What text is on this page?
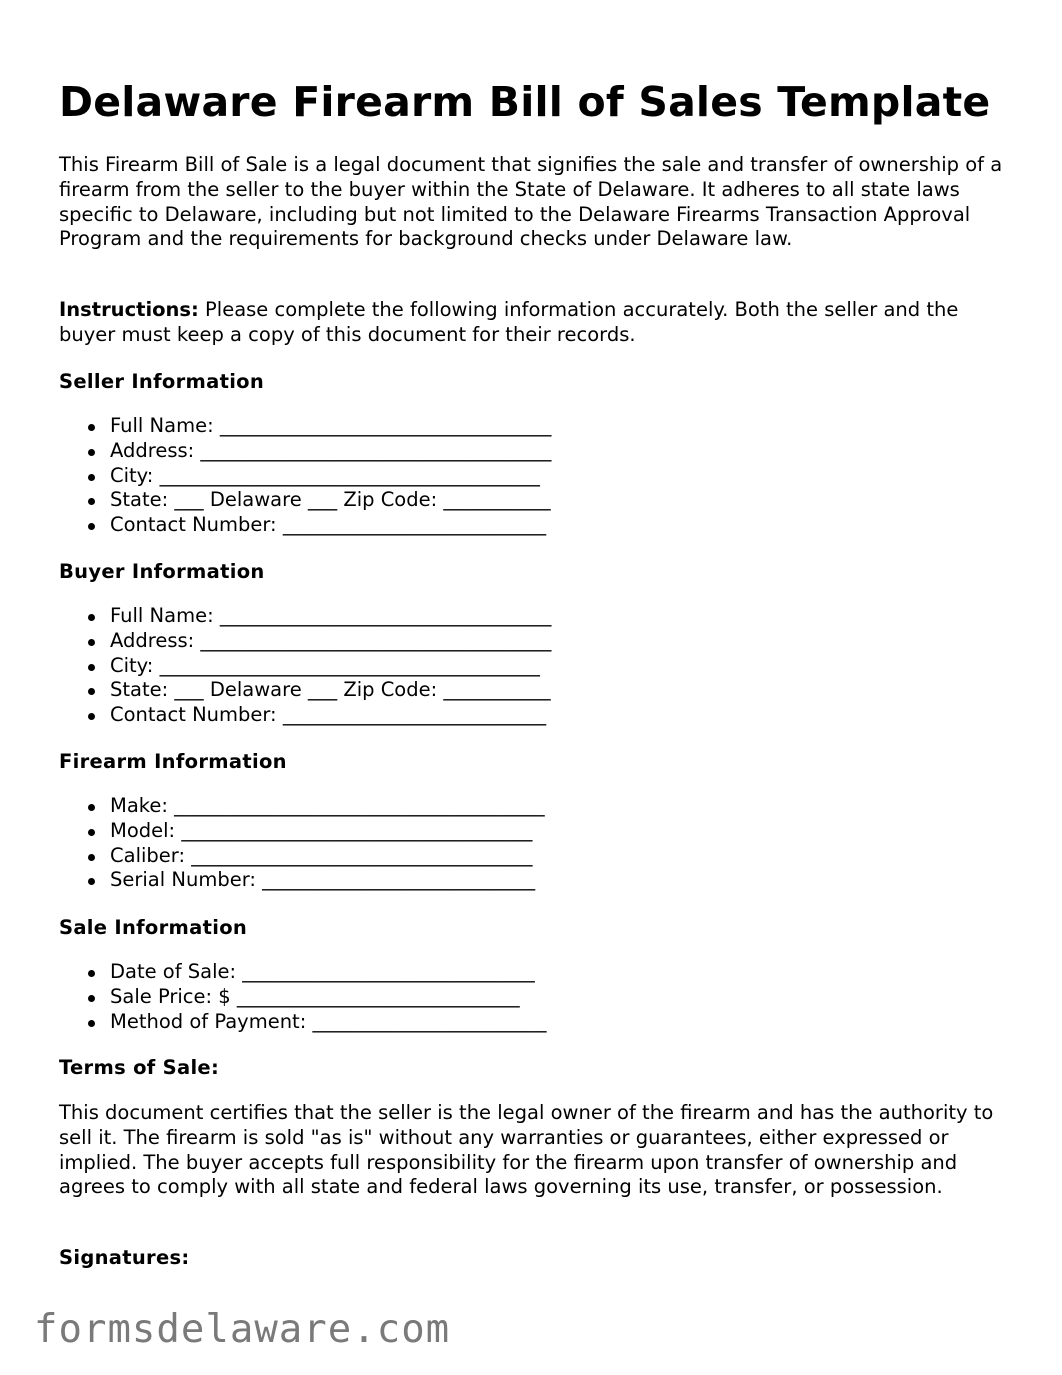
Delaware Firearm Bill of Sales Template
This Firearm Bill of Sale is a legal document that signifies the sale and transfer of ownership of a firearm from the seller to the buyer within the State of Delaware. It adheres to all state laws specific to Delaware, including but not limited to the Delaware Firearms Transaction Approval Program and the requirements for background checks under Delaware law.
Instructions: Please complete the following information accurately. Both the seller and the buyer must keep a copy of this document for their records.
Seller Information
Full Name: __________________________________
Address: ____________________________________
City: _______________________________________
State: ___ Delaware ___ Zip Code: ___________
Contact Number: ___________________________
Buyer Information
Full Name: __________________________________
Address: ____________________________________
City: _______________________________________
State: ___ Delaware ___ Zip Code: ___________
Contact Number: ___________________________
Firearm Information
Make: ______________________________________
Model: ____________________________________
Caliber: ___________________________________
Serial Number: ____________________________
Sale Information
Date of Sale: ______________________________
Sale Price: $ _____________________________
Method of Payment: ________________________
Terms of Sale:
This document certifies that the seller is the legal owner of the firearm and has the authority to sell it. The firearm is sold "as is" without any warranties or guarantees, either expressed or implied. The buyer accepts full responsibility for the firearm upon transfer of ownership and agrees to comply with all state and federal laws governing its use, transfer, or possession.
Signatures:
formsdelaware.com
